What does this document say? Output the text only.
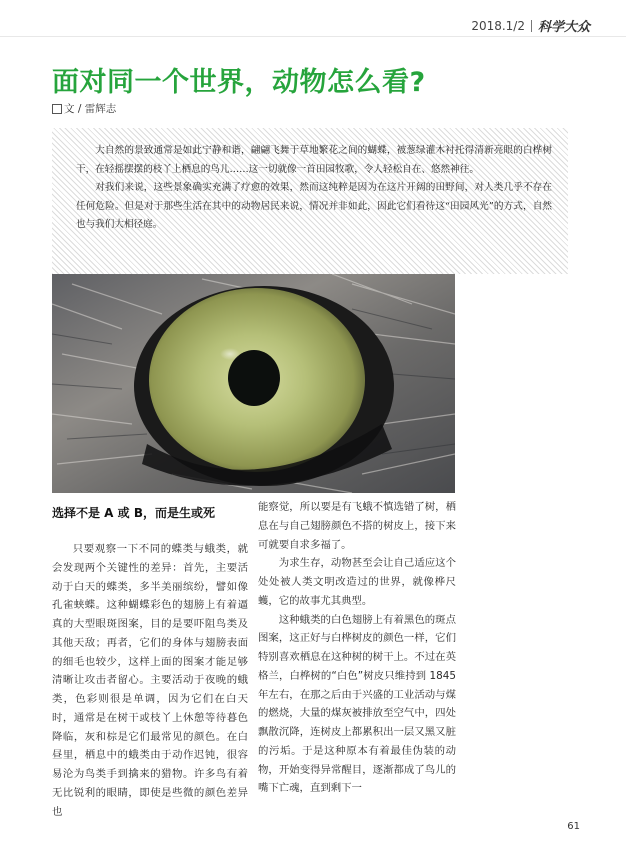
2018.1/2 科学大众
面对同一个世界，动物怎么看?
文 / 雷辉志

大自然的景致通常是如此宁静和谐，翩翩飞舞于草地繁花之间的蝴蝶，被葱绿灌木衬托得清新亮眼的白桦树干，在轻摇摆摆的枝丫上栖息的鸟儿……这一切就像一首田园牧歌，令人轻松自在、悠然神往。

对我们来说，这些景象确实充满了疗愈的效果，然而这纯粹是因为在这片开阔的田野间，对人类几乎不存在任何危险。但是对于那些生活在其中的动物居民来说，情况并非如此，因此它们看待这“田园风光”的方式，自然也与我们大相径庭。

选择不是 A 或 B，而是生或死

只要观察一下不同的蝶类与蛾类，就会发现两个关键性的差异：首先，主要活动于白天的蝶类，多半美丽缤纷，譬如像孔雀蛱蝶。这种蝴蝶彩色的翅膀上有着逼真的大型眼斑图案，目的是要吓阻鸟类及其他天敌；再者，它们的身体与翅膀表面的细毛也较少，这样上面的图案才能足够清晰让攻击者留心。主要活动于夜晚的蛾类，色彩则很是单调，因为它们在白天时，通常是在树干或枝丫上休憩等待暮色降临，灰和棕是它们最常见的颜色。在白昼里，栖息中的蛾类由于动作迟钝，很容易沦为鸟类手到擒来的猎物。许多鸟有着无比锐利的眼睛，即使是些微的颜色差异也

能察觉，所以要是有飞蛾不慎选错了树，栖息在与自己翅膀颜色不搭的树皮上，接下来可就要自求多福了。

为求生存，动物甚至会让自己适应这个处处被人类文明改造过的世界，就像桦尺蠖，它的故事尤其典型。

这种蛾类的白色翅膀上有着黑色的斑点图案，这正好与白桦树皮的颜色一样，它们特别喜欢栖息在这种树的树干上。不过在英格兰，白桦树的“白色”树皮只维持到 1845 年左右，在那之后由于兴盛的工业活动与煤的燃烧，大量的煤灰被排放至空气中，四处飘散沉降，连树皮上都累积出一层又黑又脏的污垢。于是这种原本有着最佳伪装的动物，开始变得异常醒目，逐渐都成了鸟儿的嘴下亡魂，直到剩下一

61
